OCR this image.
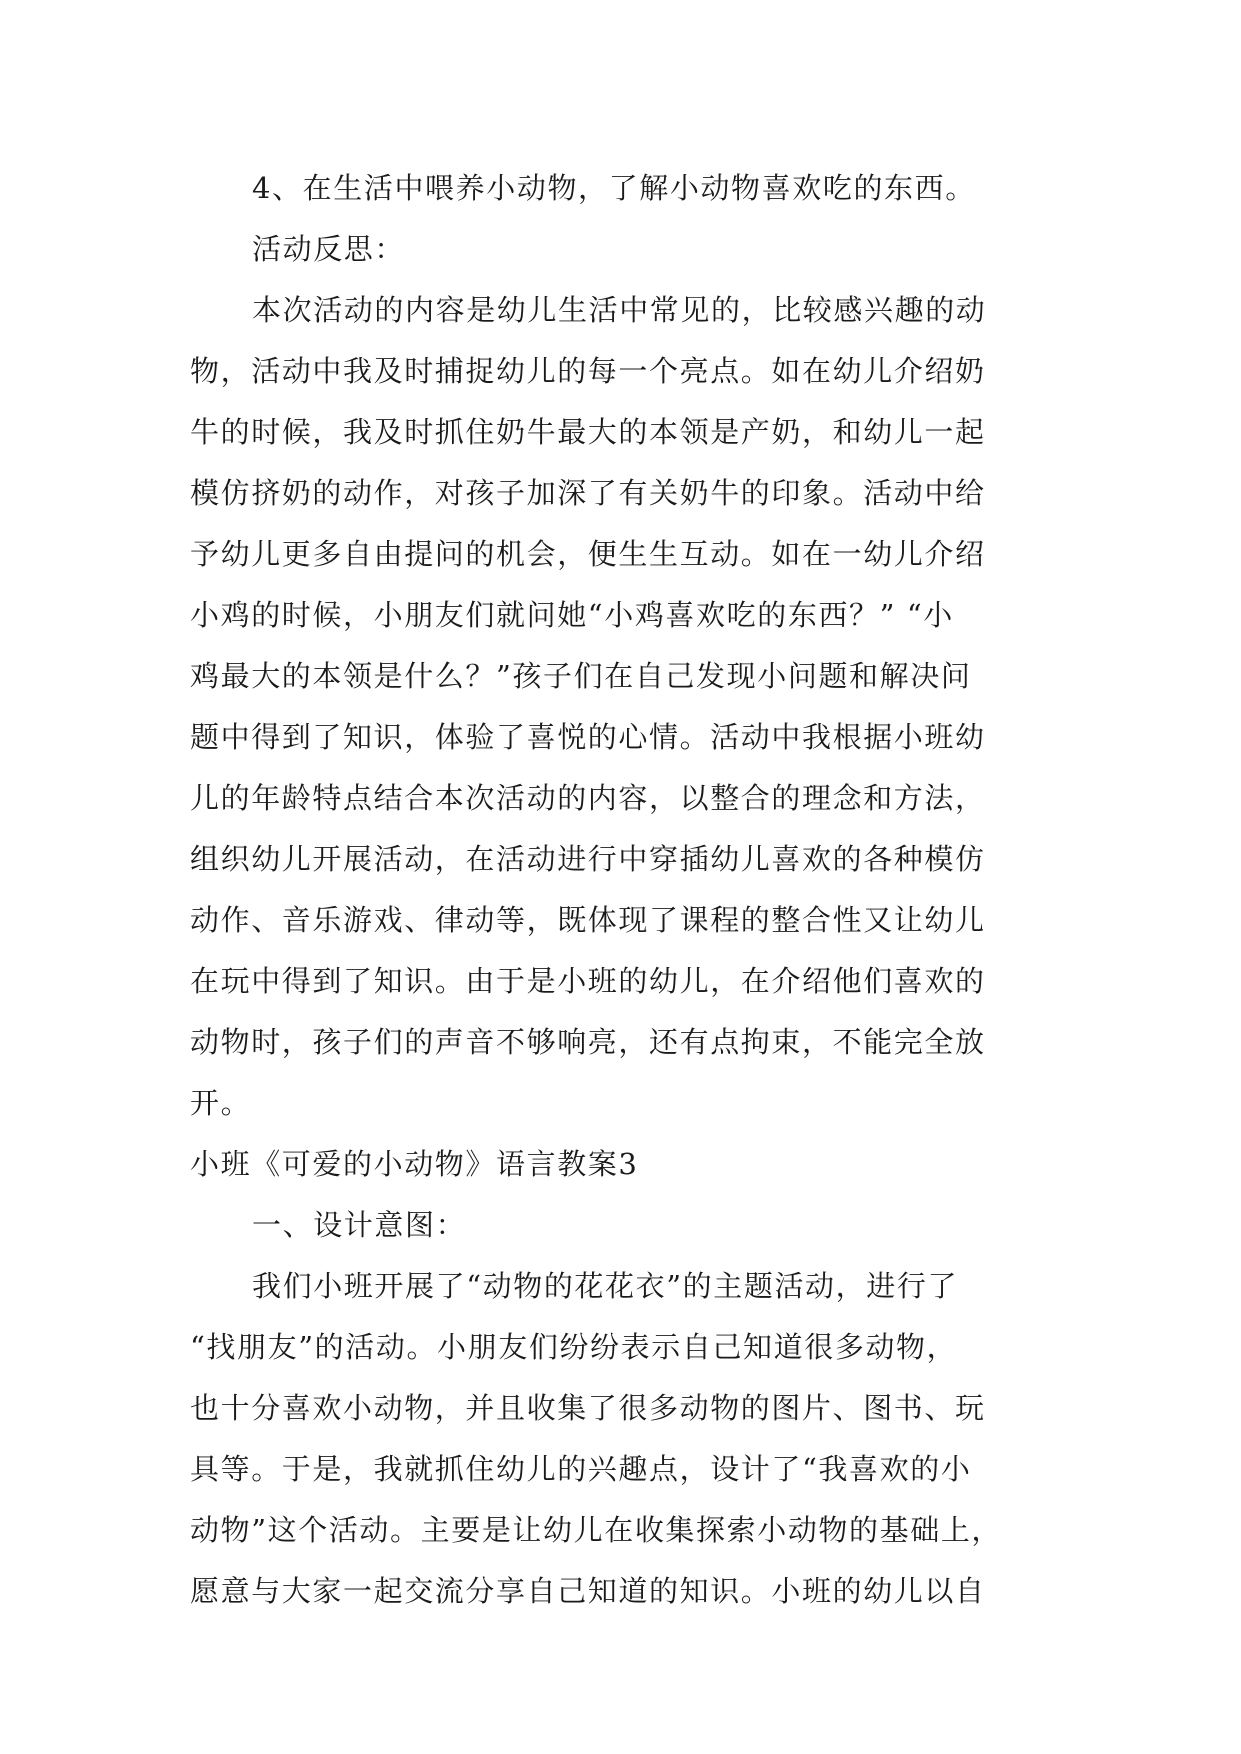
4、在生活中喂养小动物，了解小动物喜欢吃的东西。
活动反思：
本次活动的内容是幼儿生活中常见的，比较感兴趣的动
物，活动中我及时捕捉幼儿的每一个亮点。如在幼儿介绍奶
牛的时候，我及时抓住奶牛最大的本领是产奶，和幼儿一起
模仿挤奶的动作，对孩子加深了有关奶牛的印象。活动中给
予幼儿更多自由提问的机会，便生生互动。如在一幼儿介绍
小鸡的时候，小朋友们就问她“小鸡喜欢吃的东西？” “小
鸡最大的本领是什么？”孩子们在自己发现小问题和解决问
题中得到了知识，体验了喜悦的心情。活动中我根据小班幼
儿的年龄特点结合本次活动的内容，以整合的理念和方法，
组织幼儿开展活动，在活动进行中穿插幼儿喜欢的各种模仿
动作、音乐游戏、律动等，既体现了课程的整合性又让幼儿
在玩中得到了知识。由于是小班的幼儿，在介绍他们喜欢的
动物时，孩子们的声音不够响亮，还有点拘束，不能完全放
开。
小班《可爱的小动物》语言教案3
一、设计意图：
我们小班开展了“动物的花花衣”的主题活动，进行了
“找朋友”的活动。小朋友们纷纷表示自己知道很多动物，
也十分喜欢小动物，并且收集了很多动物的图片、图书、玩
具等。于是，我就抓住幼儿的兴趣点，设计了“我喜欢的小
动物”这个活动。主要是让幼儿在收集探索小动物的基础上，
愿意与大家一起交流分享自己知道的知识。小班的幼儿以自
